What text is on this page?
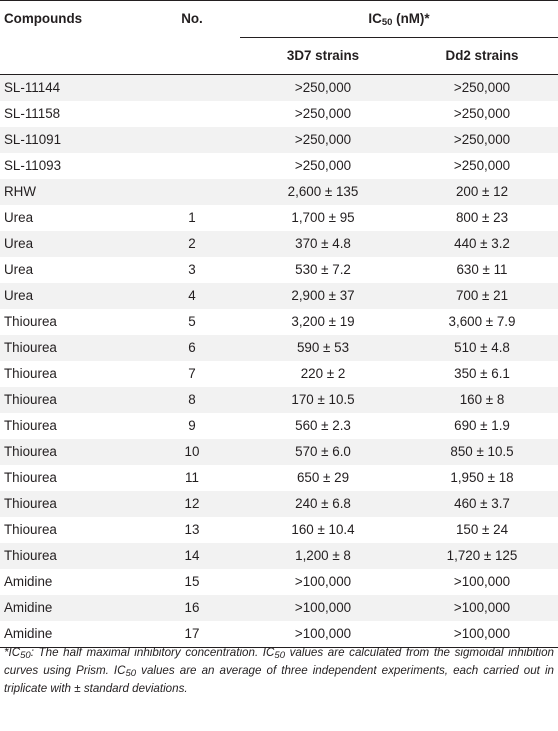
Compounds	No.	$IC_{50}$ (nM)*	
		3D7 strains	Dd2 strains
SL-11144		>250,000	>250,000
SL-11158		>250,000	>250,000
SL-11091		>250,000	>250,000
SL-11093		>250,000	>250,000
RHW		2,600 ± 135	200 ± 12
Urea	1	1,700 ± 95	800 ± 23
Urea	2	370 ± 4.8	440 ± 3.2
Urea	3	530 ± 7.2	630 ± 11
Urea	4	2,900 ± 37	700 ± 21
Thiourea	5	3,200 ± 19	3,600 ± 7.9
Thiourea	6	590 ± 53	510 ± 4.8
Thiourea	7	220 ± 2	350 ± 6.1
Thiourea	8	170 ± 10.5	160 ± 8
Thiourea	9	560 ± 2.3	690 ± 1.9
Thiourea	10	570 ± 6.0	850 ± 10.5
Thiourea	11	650 ± 29	1,950 ± 18
Thiourea	12	240 ± 6.8	460 ± 3.7
Thiourea	13	160 ± 10.4	150 ± 24
Thiourea	14	1,200 ± 8	1,720 ± 125
Amidine	15	>100,000	>100,000
Amidine	16	>100,000	>100,000
Amidine	17	>100,000	>100,000
$*IC_{50}$: The half maximal inhibitory concentration. $IC_{50}$ values are calculated from the sigmoidal inhibition curves using Prism. $IC_{50}$ values are an average of three independent experiments, each carried out in triplicate with ± standard deviations.
